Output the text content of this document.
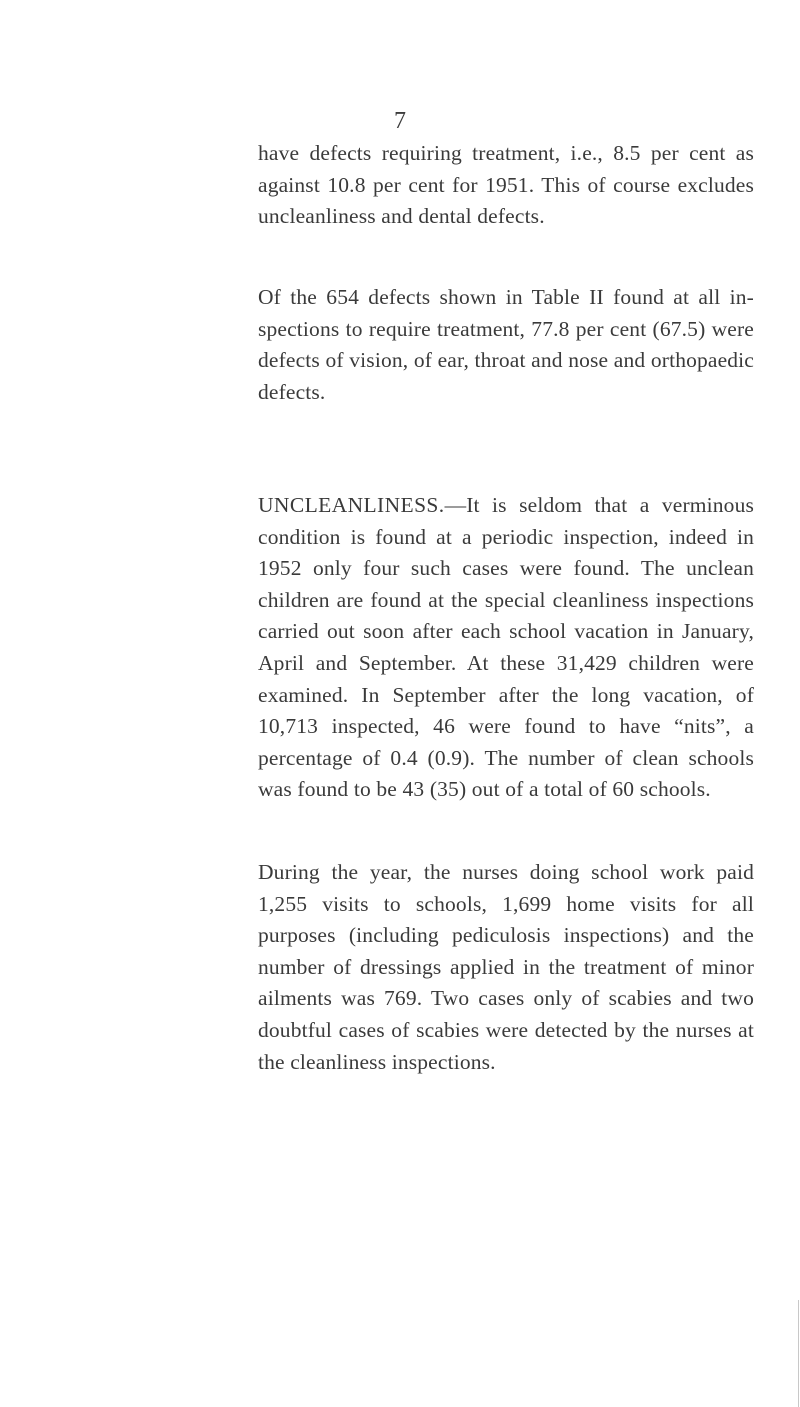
7

have defects requiring treatment, i.e., 8.5 per cent as against 10.8 per cent for 1951. This of course excludes uncleanliness and dental defects.

Of the 654 defects shown in Table II found at all in-spections to require treatment, 77.8 per cent (67.5) were defects of vision, of ear, throat and nose and orthopaedic defects.

UNCLEANLINESS.—It is seldom that a verminous condition is found at a periodic inspection, indeed in 1952 only four such cases were found. The unclean children are found at the special cleanliness inspections carried out soon after each school vacation in January, April and September. At these 31,429 children were examined. In September after the long vacation, of 10,713 inspected, 46 were found to have “nits”, a percentage of 0.4 (0.9). The number of clean schools was found to be 43 (35) out of a total of 60 schools.

During the year, the nurses doing school work paid 1,255 visits to schools, 1,699 home visits for all purposes (including pediculosis inspections) and the number of dressings applied in the treatment of minor ailments was 769. Two cases only of scabies and two doubtful cases of scabies were detected by the nurses at the cleanliness inspections.
